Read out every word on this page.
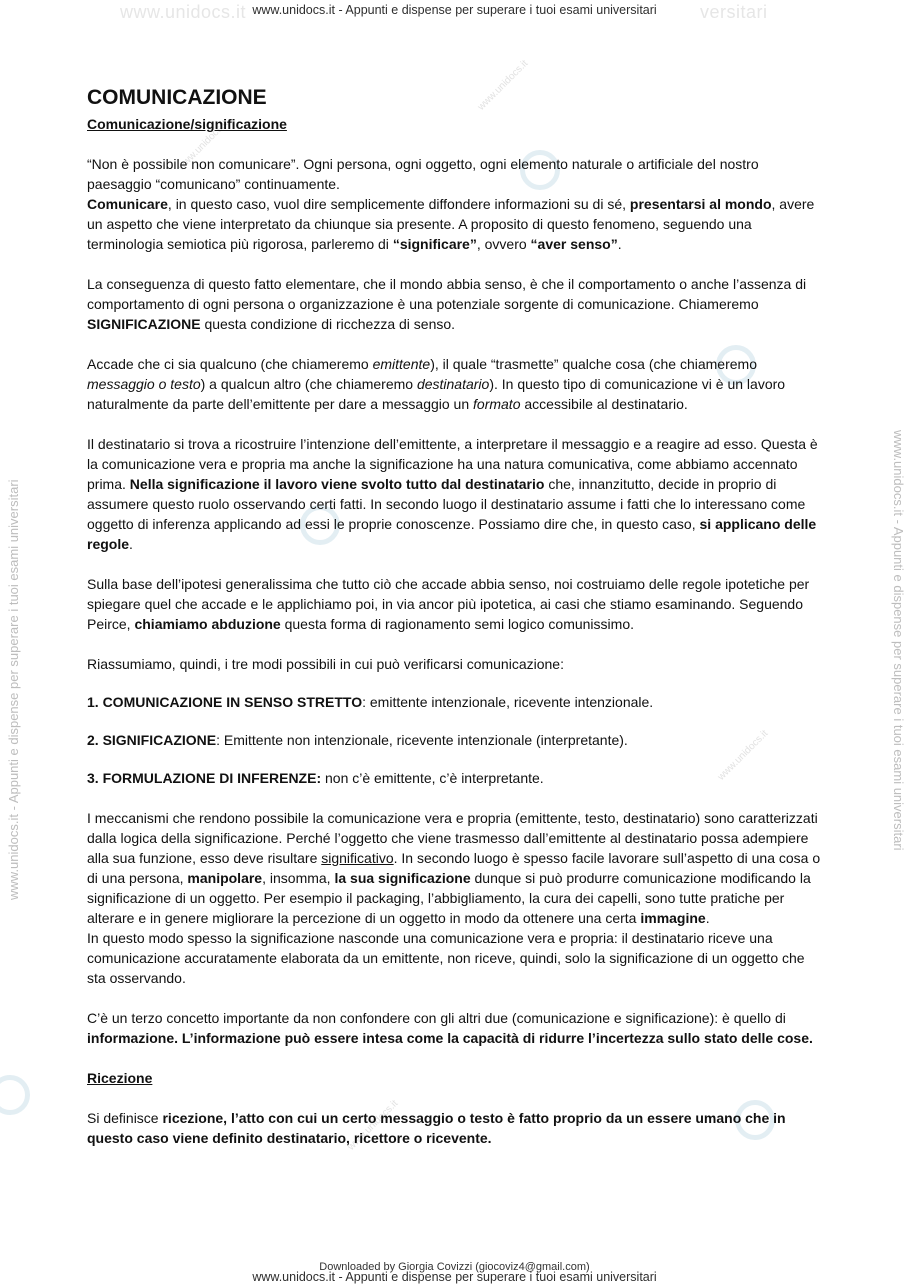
www.unidocs.it	versitari
www.unidocs.it - Appunti e dispense per superare i tuoi esami universitari
www.unidocs.it - Appunti e dispense per superare i tuoi esami universitari	www.unidocs.it - Appunti e dispense per superare i tuoi esami universitari
www.unidocs.it
www.unidocs.it
www.unidocs.it
www.unidocs.it
COMUNICAZIONE
Comunicazione/significazione

“Non è possibile non comunicare”. Ogni persona, ogni oggetto, ogni elemento naturale o artificiale del nostro paesaggio “comunicano” continuamente.

Comunicare, in questo caso, vuol dire semplicemente diffondere informazioni su di sé, presentarsi al mondo, avere un aspetto che viene interpretato da chiunque sia presente. A proposito di questo fenomeno, seguendo una terminologia semiotica più rigorosa, parleremo di “significare”, ovvero “aver senso”.

La conseguenza di questo fatto elementare, che il mondo abbia senso, è che il comportamento o anche l’assenza di comportamento di ogni persona o organizzazione è una potenziale sorgente di comunicazione. Chiameremo SIGNIFICAZIONE questa condizione di ricchezza di senso.

Accade che ci sia qualcuno (che chiameremo emittente), il quale “trasmette” qualche cosa (che chiameremo messaggio o testo) a qualcun altro (che chiameremo destinatario). In questo tipo di comunicazione vi è un lavoro naturalmente da parte dell’emittente per dare a messaggio un formato accessibile al destinatario.

Il destinatario si trova a ricostruire l’intenzione dell’emittente, a interpretare il messaggio e a reagire ad esso. Questa è la comunicazione vera e propria ma anche la significazione ha una natura comunicativa, come abbiamo accennato prima. Nella significazione il lavoro viene svolto tutto dal destinatario che, innanzitutto, decide in proprio di assumere questo ruolo osservando certi fatti. In secondo luogo il destinatario assume i fatti che lo interessano come oggetto di inferenza applicando ad essi le proprie conoscenze. Possiamo dire che, in questo caso, si applicano delle regole.

Sulla base dell’ipotesi generalissima che tutto ciò che accade abbia senso, noi costruiamo delle regole ipotetiche per spiegare quel che accade e le applichiamo poi, in via ancor più ipotetica, ai casi che stiamo esaminando. Seguendo Peirce, chiamiamo abduzione questa forma di ragionamento semi logico comunissimo.

Riassumiamo, quindi, i tre modi possibili in cui può verificarsi comunicazione:

1. COMUNICAZIONE IN SENSO STRETTO: emittente intenzionale, ricevente intenzionale.

2. SIGNIFICAZIONE: Emittente non intenzionale, ricevente intenzionale (interpretante).

3. FORMULAZIONE DI INFERENZE: non c’è emittente, c’è interpretante.

I meccanismi che rendono possibile la comunicazione vera e propria (emittente, testo, destinatario) sono caratterizzati dalla logica della significazione. Perché l’oggetto che viene trasmesso dall’emittente al destinatario possa adempiere alla sua funzione, esso deve risultare significativo. In secondo luogo è spesso facile lavorare sull’aspetto di una cosa o di una persona, manipolare, insomma, la sua significazione dunque si può produrre comunicazione modificando la significazione di un oggetto. Per esempio il packaging, l’abbigliamento, la cura dei capelli, sono tutte pratiche per alterare e in genere migliorare la percezione di un oggetto in modo da ottenere una certa immagine.

In questo modo spesso la significazione nasconde una comunicazione vera e propria: il destinatario riceve una comunicazione accuratamente elaborata da un emittente, non riceve, quindi, solo la significazione di un oggetto che sta osservando.

C’è un terzo concetto importante da non confondere con gli altri due (comunicazione e significazione): è quello di informazione. L’informazione può essere intesa come la capacità di ridurre l’incertezza sullo stato delle cose.

Ricezione

Si definisce ricezione, l’atto con cui un certo messaggio o testo è fatto proprio da un essere umano che in questo caso viene definito destinatario, ricettore o ricevente.

Downloaded by Giorgia Covizzi (giocoviz4@gmail.com)
www.unidocs.it - Appunti e dispense per superare i tuoi esami universitari
